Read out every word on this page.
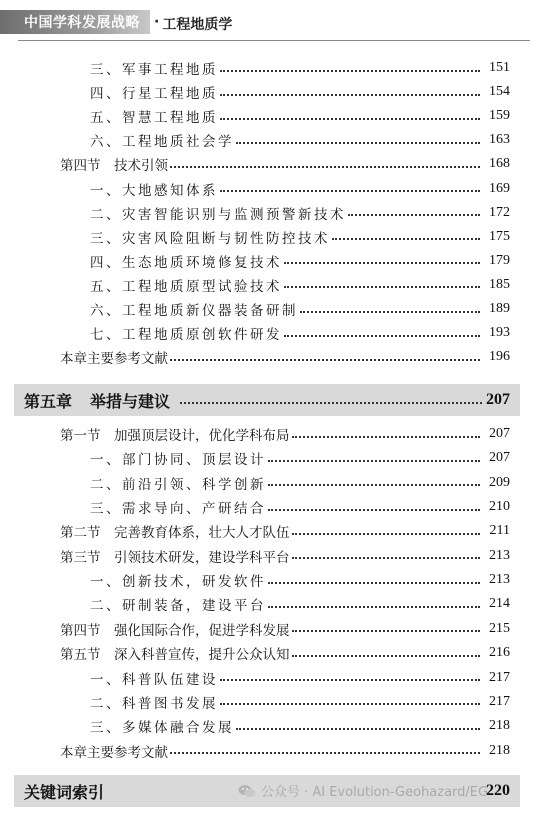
中国学科发展战略 · 工程地质学
三、军事工程地质	151
四、行星工程地质	154
五、智慧工程地质	159
六、工程地质社会学	163
第四节　技术引领	168
一、大地感知体系	169
二、灾害智能识别与监测预警新技术	172
三、灾害风险阻断与韧性防控技术	175
四、生态地质环境修复技术	179
五、工程地质原型试验技术	185
六、工程地质新仪器装备研制	189
七、工程地质原创软件研发	193
本章主要参考文献	196
第五章 举措与建议	207
第一节　加强顶层设计，优化学科布局	207
一、部门协同、顶层设计	207
二、前沿引领、科学创新	209
三、需求导向、产研结合	210
第二节　完善教育体系，壮大人才队伍	211
第三节　引领技术研发，建设学科平台	213
一、创新技术，研发软件	213
二、研制装备，建设平台	214
第四节　强化国际合作，促进学科发展	215
第五节　深入科普宣传，提升公众认知	216
一、科普队伍建设	217
二、科普图书发展	217
三、多媒体融合发展	218
本章主要参考文献	218
关键词索引	220
公众号 · AI Evolution-Geohazard/EG
